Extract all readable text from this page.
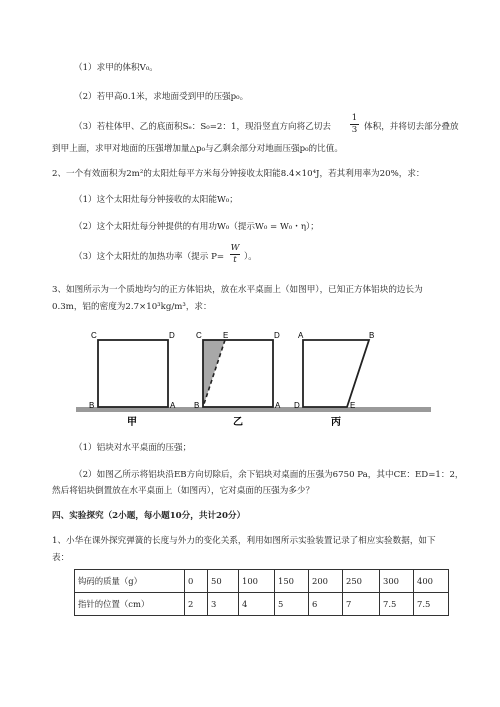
（1）求甲的体积V₀。
（2）若甲高0.1米，求地面受到甲的压强p₀。
（3）若柱体甲、乙的底面积Sₑ：S₀=2：1，现沿竖直方向将乙切去
1
3 体积，并将切去部分叠放
到甲上面，求甲对地面的压强增加量△p₀与乙剩余部分对地面压强p₀的比值。
2、一个有效面积为2m²的太阳灶每平方米每分钟接收太阳能8.4×10⁴J，若其利用率为20%，求：
（1）这个太阳灶每分钟接收的太阳能W₀；
（2）这个太阳灶每分钟提供的有用功W₀（提示W₀ = W₀・η）；
（3）这个太阳灶的加热功率（提示 P=
W
t ）。
3、如图所示为一个质地均匀的正方体铝块，放在水平桌面上（如图甲），已知正方体铝块的边长为
0.3m，铝的密度为2.7×10³kg/m³，求：
C	D
B	A
甲
C	E	D
B	A
乙
A	B
D	E
丙
（1）铝块对水平桌面的压强；
（2）如图乙所示将铝块沿EB方向切除后，余下铝块对桌面的压强为6750 Pa，其中CE：ED=1：2，
然后将铝块倒置放在水平桌面上（如图丙），它对桌面的压强为多少？
四、实验探究（2小题，每小题10分，共计20分）
1、小华在课外探究弹簧的长度与外力的变化关系，利用如图所示实验装置记录了相应实验数据，如下
表：
钩码的质量（g）	0	50	100	150	200	250	300	400
指针的位置（cm）	2	3	4	5	6	7	7.5	7.5
